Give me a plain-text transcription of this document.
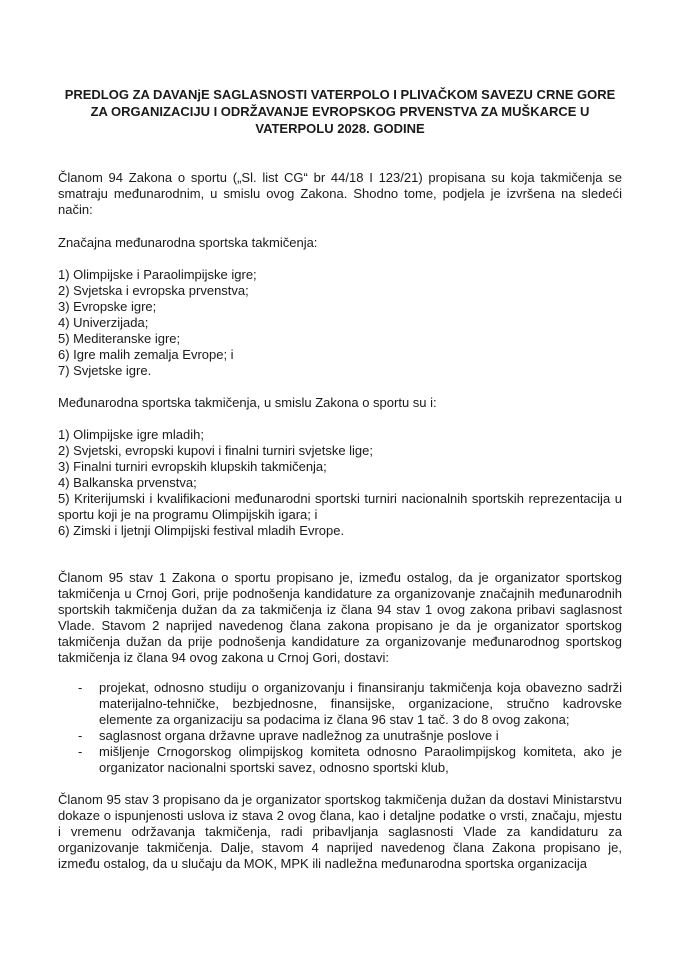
PREDLOG ZA DAVANjE SAGLASNOSTI VATERPOLO I PLIVAČKOM SAVEZU CRNE GORE ZA ORGANIZACIJU I ODRŽAVANJE EVROPSKOG PRVENSTVA ZA MUŠKARCE U VATERPOLU 2028. GODINE

Članom 94 Zakona o sportu („Sl. list CG“ br 44/18 I 123/21) propisana su koja takmičenja se smatraju međunarodnim, u smislu ovog Zakona. Shodno tome, podjela je izvršena na sledeći način:

Značajna međunarodna sportska takmičenja:

1) Olimpijske i Paraolimpijske igre;
2) Svjetska i evropska prvenstva;
3) Evropske igre;
4) Univerzijada;
5) Mediteranske igre;
6) Igre malih zemalja Evrope; i
7) Svjetske igre.

Međunarodna sportska takmičenja, u smislu Zakona o sportu su i:

1) Olimpijske igre mladih;
2) Svjetski, evropski kupovi i finalni turniri svjetske lige;
3) Finalni turniri evropskih klupskih takmičenja;
4) Balkanska prvenstva;
5) Kriterijumski i kvalifikacioni međunarodni sportski turniri nacionalnih sportskih reprezentacija u sportu koji je na programu Olimpijskih igara; i
6) Zimski i ljetnji Olimpijski festival mladih Evrope.

Članom 95 stav 1 Zakona o sportu propisano je, između ostalog, da je organizator sportskog takmičenja u Crnoj Gori, prije podnošenja kandidature za organizovanje značajnih međunarodnih sportskih takmičenja dužan da za takmičenja iz člana 94 stav 1 ovog zakona pribavi saglasnost Vlade. Stavom 2 naprijed navedenog člana zakona propisano je da je organizator sportskog takmičenja dužan da prije podnošenja kandidature za organizovanje međunarodnog sportskog takmičenja iz člana 94 ovog zakona u Crnoj Gori, dostavi:

- projekat, odnosno studiju o organizovanju i finansiranju takmičenja koja obavezno sadrži materijalno-tehničke, bezbjednosne, finansijske, organizacione, stručno kadrovske elemente za organizaciju sa podacima iz člana 96 stav 1 tač. 3 do 8 ovog zakona;
- saglasnost organa državne uprave nadležnog za unutrašnje poslove i
- mišljenje Crnogorskog olimpijskog komiteta odnosno Paraolimpijskog komiteta, ako je organizator nacionalni sportski savez, odnosno sportski klub,

Članom 95 stav 3 propisano da je organizator sportskog takmičenja dužan da dostavi Ministarstvu dokaze o ispunjenosti uslova iz stava 2 ovog člana, kao i detaljne podatke o vrsti, značaju, mjestu i vremenu održavanja takmičenja, radi pribavljanja saglasnosti Vlade za kandidaturu za organizovanje takmičenja. Dalje, stavom 4 naprijed navedenog člana Zakona propisano je, između ostalog, da u slučaju da MOK, MPK ili nadležna međunarodna sportska organizacija
